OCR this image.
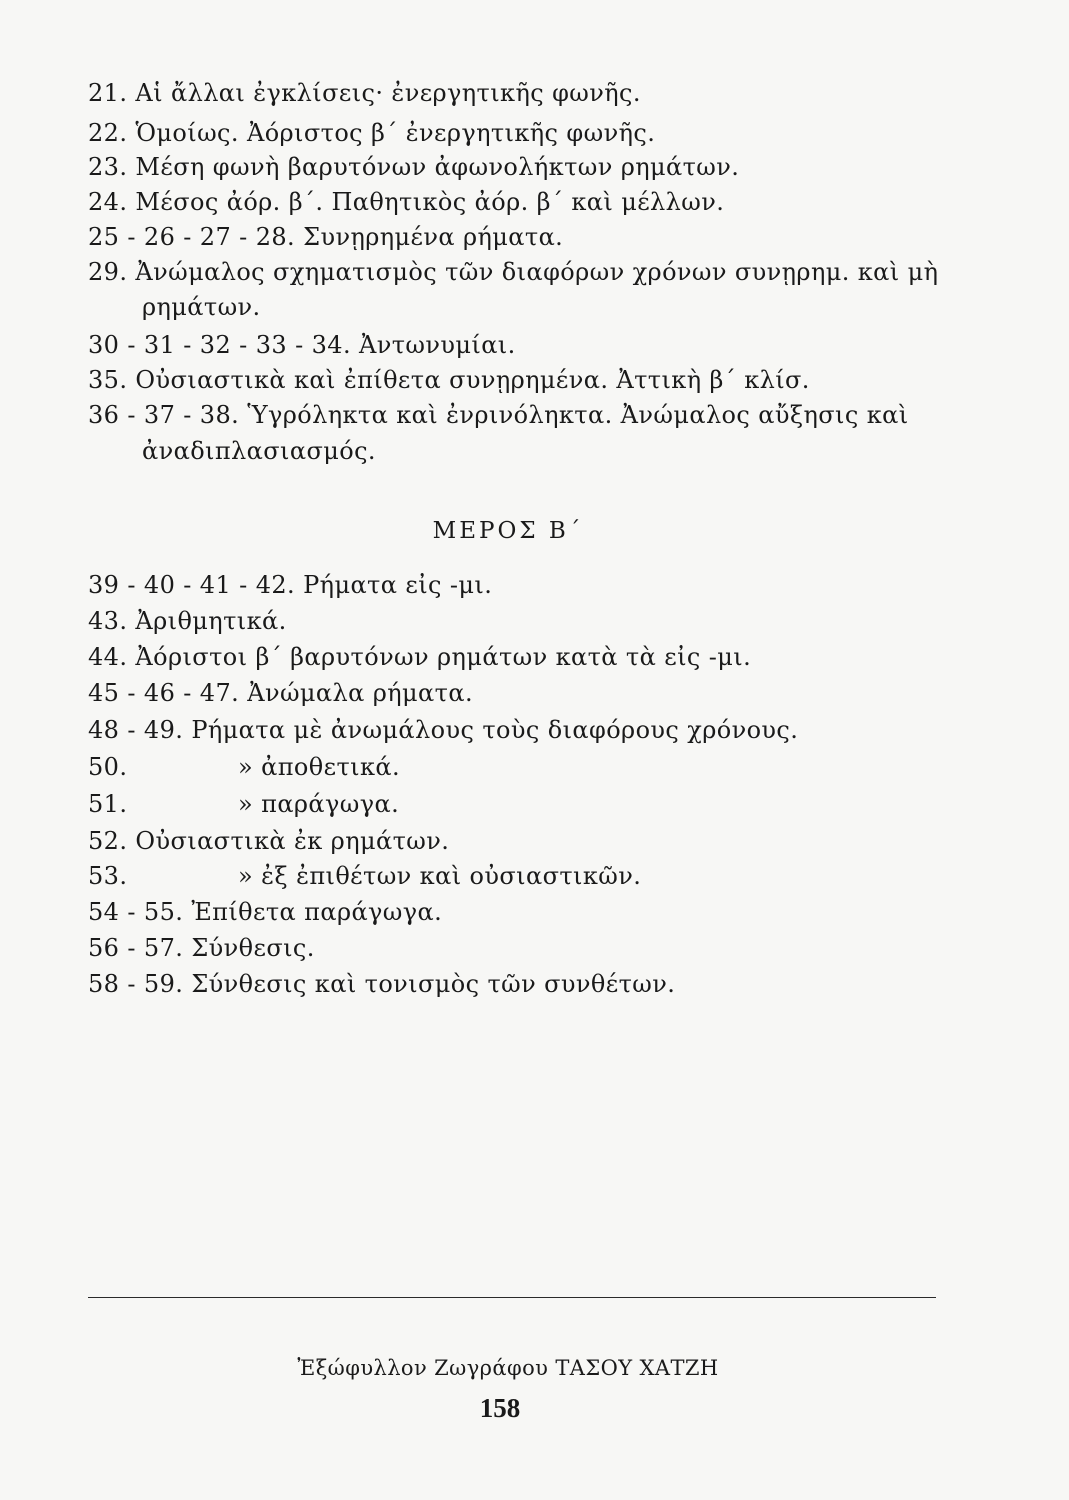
21. Αἱ ἄλλαι ἐγκλίσεις· ἐνεργητικῆς φωνῆς.
22. Ὁμοίως. Ἀόριστος β΄ ἐνεργητικῆς φωνῆς.
23. Μέση φωνὴ βαρυτόνων ἀφωνολήκτων ρημάτων.
24. Μέσος ἀόρ. β΄. Παθητικὸς ἀόρ. β΄ καὶ μέλλων.
25 - 26 - 27 - 28. Συνῃρημένα ρήματα.
29. Ἀνώμαλος σχηματισμὸς τῶν διαφόρων χρόνων συνῃρημ. καὶ μὴ
ρημάτων.
30 - 31 - 32 - 33 - 34. Ἀντωνυμίαι.
35. Οὐσιαστικὰ καὶ ἐπίθετα συνῃρημένα. Ἀττικὴ β΄ κλίσ.
36 - 37 - 38. Ὑγρόληκτα καὶ ἐνρινόληκτα. Ἀνώμαλος αὔξησις καὶ
ἀναδιπλασιασμός.
ΜΕΡΟΣ Β΄
39 - 40 - 41 - 42. Ρήματα εἰς -μι.
43. Ἀριθμητικά.
44. Ἀόριστοι β΄ βαρυτόνων ρημάτων κατὰ τὰ εἰς -μι.
45 - 46 - 47. Ἀνώμαλα ρήματα.
48 - 49. Ρήματα μὲ ἀνωμάλους τοὺς διαφόρους χρόνους.
50.	» ἀποθετικά.
51.	» παράγωγα.
52. Οὐσιαστικὰ ἐκ ρημάτων.
53.	» ἐξ ἐπιθέτων καὶ οὐσιαστικῶν.
54 - 55. Ἐπίθετα παράγωγα.
56 - 57. Σύνθεσις.
58 - 59. Σύνθεσις καὶ τονισμὸς τῶν συνθέτων.
Ἐξώφυλλον Ζωγράφου ΤΑΣΟΥ ΧΑΤΖΗ
158
